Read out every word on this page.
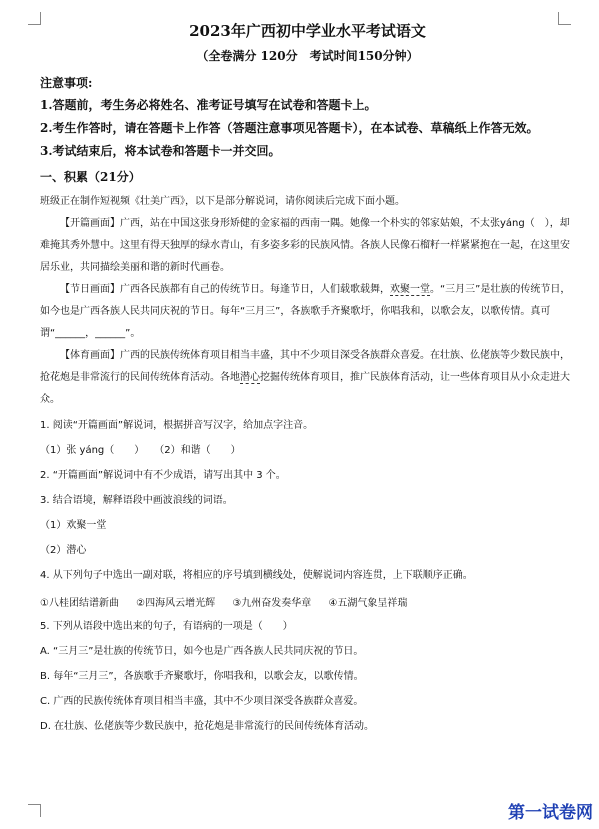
2023年广西初中学业水平考试语文

（全卷满分 120分　考试时间150分钟）

注意事项:

1.答题前，考生务必将姓名、准考证号填写在试卷和答题卡上。

2.考生作答时，请在答题卡上作答（答题注意事项见答题卡），在本试卷、草稿纸上作答无效。

3.考试结束后，将本试卷和答题卡一并交回。

一、积累（21分）

班级正在制作短视频《壮美广西》，以下是部分解说词，请你阅读后完成下面小题。

【开篇画面】广西，站在中国这张身形矫健的金家福的西南一隅。她像一个朴实的邻家姑娘，不太张yáng（　），却难掩其秀外慧中。这里有得天独厚的绿水青山，有多姿多彩的民族风情。各族人民像石榴籽一样紧紧抱在一起，在这里安居乐业，共同描绘美丽和谐的新时代画卷。

【节日画面】广西各民族都有自己的传统节日。每逢节日，人们载歌载舞，欢聚一堂。“三月三”是壮族的传统节日，如今也是广西各族人民共同庆祝的节日。每年“三月三”，各族歌手齐聚歌圩，你唱我和，以歌会友，以歌传情。真可谓“______，______”。

【体育画面】广西的民族传统体育项目相当丰盛，其中不少项目深受各族群众喜爱。在壮族、仫佬族等少数民族中，抢花炮是非常流行的民间传统体育活动。各地潜心挖掘传统体育项目，推广民族体育活动，让一些体育项目从小众走进大众。

1. 阅读“开篇画面”解说词，根据拼音写汉字，给加点字注音。

（1）张 yáng（　　）　　（2）和谐（　　）

2. “开篇画面”解说词中有不少成语，请写出其中 3 个。

3. 结合语境，解释语段中画波浪线的词语。

（1）欢聚一堂

（2）潜心

4. 从下列句子中选出一副对联，将相应的序号填到横线处，使解说词内容连贯，上下联顺序正确。

①八桂团结谱新曲 ②四海风云增光辉 ③九州奋发奏华章 ④五湖气象呈祥瑞

5. 下列从语段中选出来的句子，有语病的一项是（　　）

A. “三月三”是壮族的传统节日，如今也是广西各族人民共同庆祝的节日。

B. 每年“三月三”，各族歌手齐聚歌圩，你唱我和，以歌会友，以歌传情。

C. 广西的民族传统体育项目相当丰盛，其中不少项目深受各族群众喜爱。

D. 在壮族、仫佬族等少数民族中，抢花炮是非常流行的民间传统体育活动。

第一试卷网
